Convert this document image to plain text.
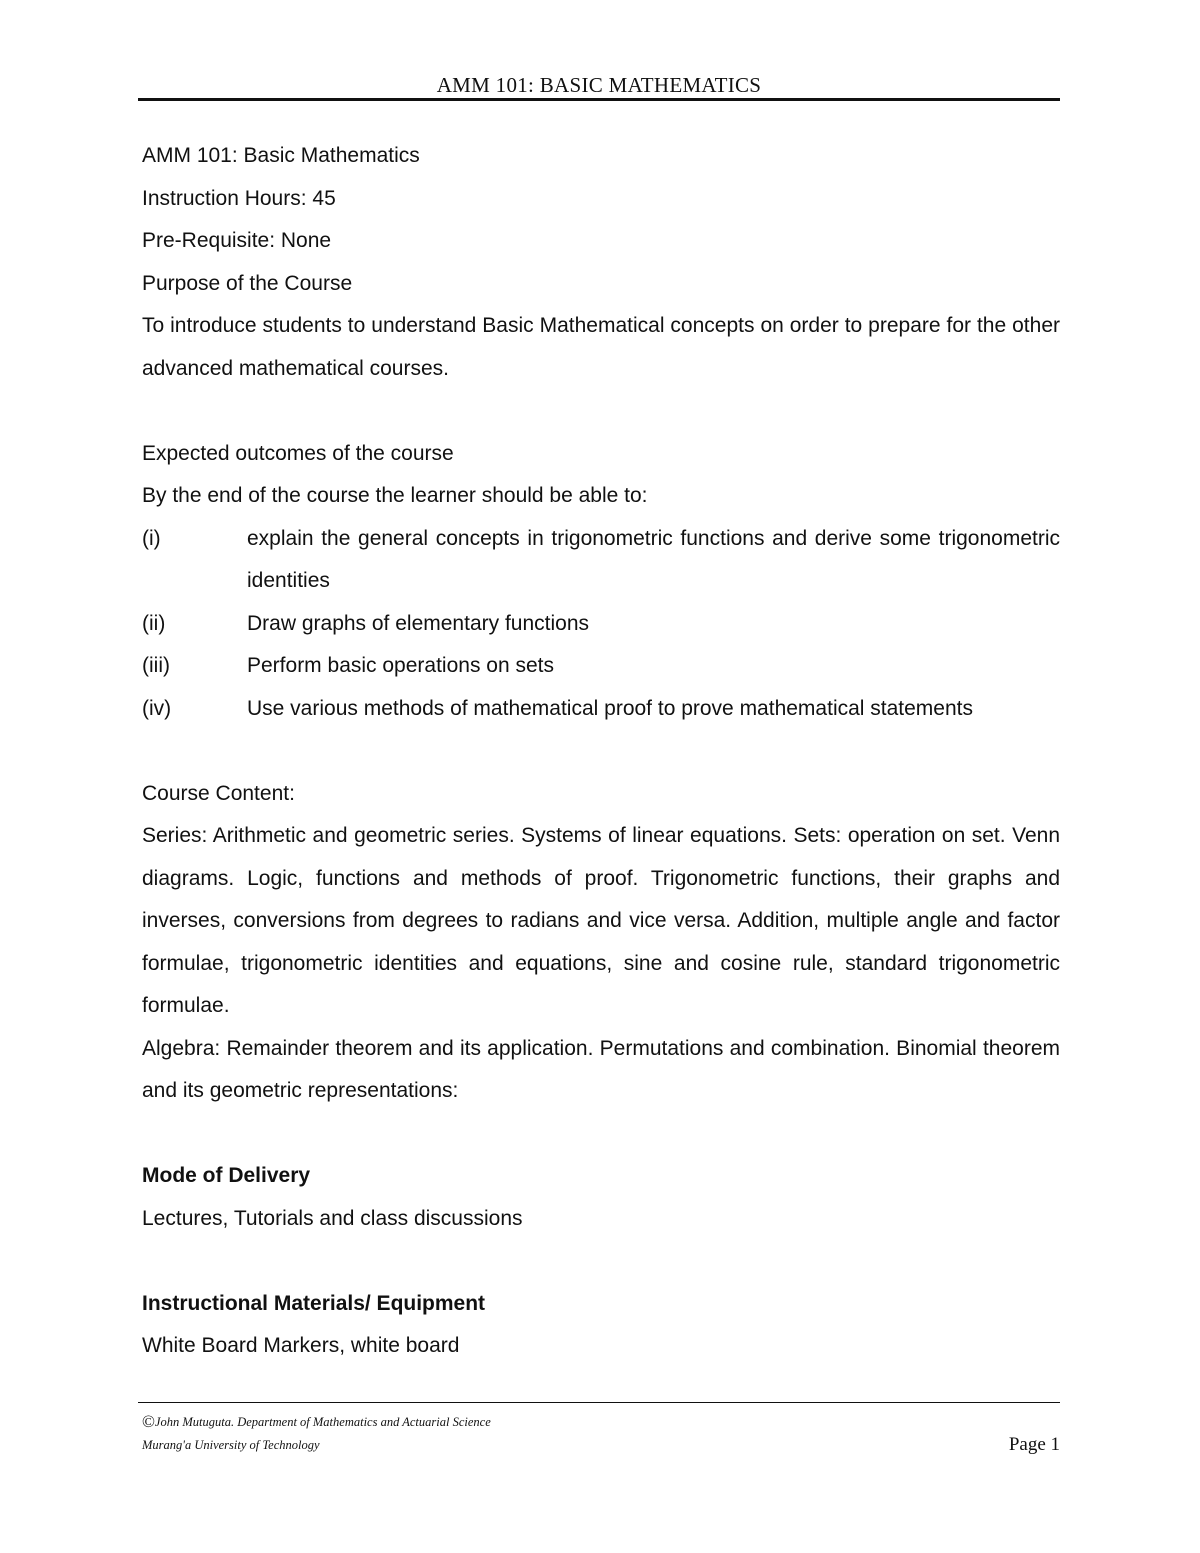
AMM 101: BASIC MATHEMATICS

AMM 101: Basic Mathematics

Instruction Hours: 45

Pre-Requisite: None

Purpose of the Course

To introduce students to understand Basic Mathematical concepts on order to prepare for the other advanced mathematical courses.

Expected outcomes of the course

By the end of the course the learner should be able to:

(i)	explain the general concepts in trigonometric functions and derive some trigonometric identities
(ii)	Draw graphs of elementary functions
(iii)	Perform basic operations on sets
(iv)	Use various methods of mathematical proof to prove mathematical statements

Course Content:

Series: Arithmetic and geometric series. Systems of linear equations. Sets: operation on set. Venn diagrams. Logic, functions and methods of proof. Trigonometric functions, their graphs and inverses, conversions from degrees to radians and vice versa. Addition, multiple angle and factor formulae, trigonometric identities and equations, sine and cosine rule, standard trigonometric formulae.

Algebra: Remainder theorem and its application. Permutations and combination. Binomial theorem and its geometric representations:

Mode of Delivery

Lectures, Tutorials and class discussions

Instructional Materials/ Equipment

White Board Markers, white board

©John Mutuguta. Department of Mathematics and Actuarial Science
Murang'a University of Technology	Page 1
